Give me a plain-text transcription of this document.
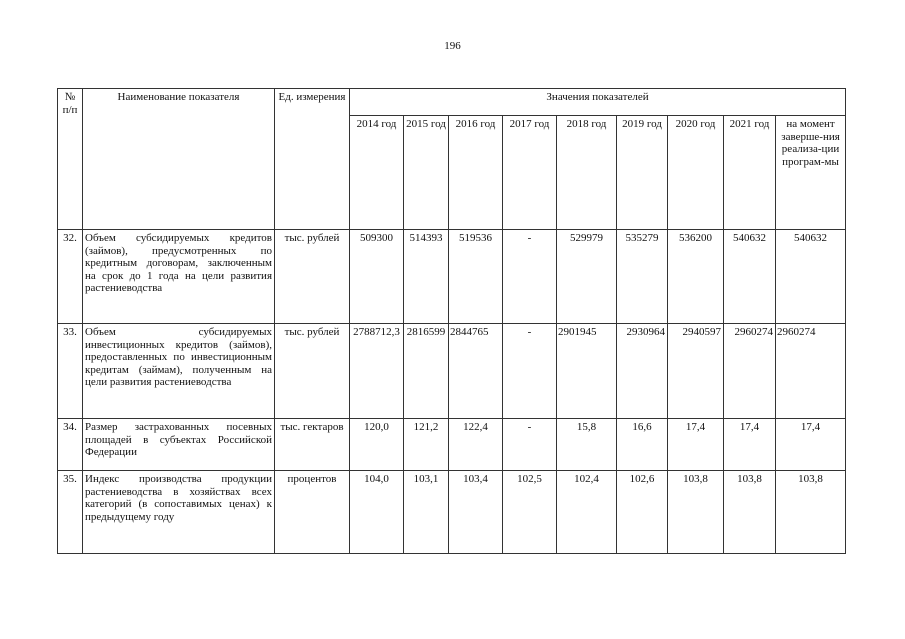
196
№ п/п	Наименование показателя	Ед. измерения	Значения показателей								
			2014 год	2015 год	2016 год	2017 год	2018 год	2019 год	2020 год	2021 год	на момент заверше-ния реализа-ции програм-мы
32.	Объем субсидируемых кредитов (займов), предусмотренных по кредитным договорам, заключенным на срок до 1 года на цели развития растениеводства	тыс. рублей	509300	514393	519536	-	529979	535279	536200	540632	540632
33.	Объем субсидируемых инвестиционных кредитов (займов), предоставленных по инвестиционным кредитам (займам), полученным на цели развития растениеводства	тыс. рублей	2788712,3	2816599	2844765	-	2901945	2930964	2940597	2960274	2960274
34.	Размер застрахованных посевных площадей в субъектах Российской Федерации	тыс. гектаров	120,0	121,2	122,4	-	15,8	16,6	17,4	17,4	17,4
35.	Индекс производства продукции растениеводства в хозяйствах всех категорий (в сопоставимых ценах) к предыдущему году	процентов	104,0	103,1	103,4	102,5	102,4	102,6	103,8	103,8	103,8
